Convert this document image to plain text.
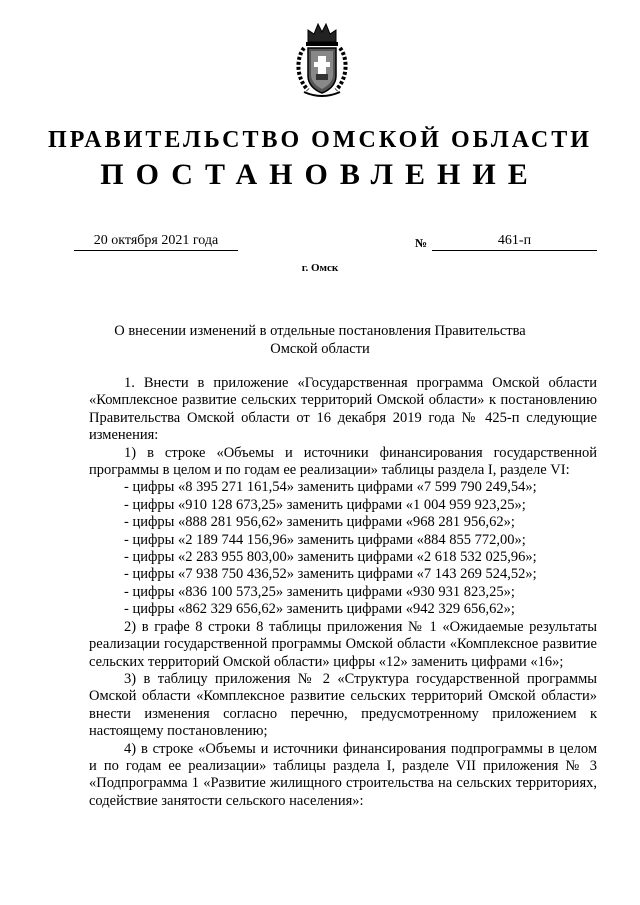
ПРАВИТЕЛЬСТВО ОМСКОЙ ОБЛАСТИ
ПОСТАНОВЛЕНИЕ
20 октября 2021 года	№	461-п
г. Омск
О внесении изменений в отдельные постановления Правительства
Омской области

1. Внести в приложение «Государственная программа Омской области «Комплексное развитие сельских территорий Омской области» к постановлению Правительства Омской области от 16 декабря 2019 года № 425-п следующие изменения:

1) в строке «Объемы и источники финансирования государственной программы в целом и по годам ее реализации» таблицы раздела I, разделе VI:

- цифры «8 395 271 161,54» заменить цифрами «7 599 790 249,54»;

- цифры «910 128 673,25» заменить цифрами «1 004 959 923,25»;

- цифры «888 281 956,62» заменить цифрами «968 281 956,62»;

- цифры «2 189 744 156,96» заменить цифрами «884 855 772,00»;

- цифры «2 283 955 803,00» заменить цифрами «2 618 532 025,96»;

- цифры «7 938 750 436,52» заменить цифрами «7 143 269 524,52»;

- цифры «836 100 573,25» заменить цифрами «930 931 823,25»;

- цифры «862 329 656,62» заменить цифрами «942 329 656,62»;

2) в графе 8 строки 8 таблицы приложения № 1 «Ожидаемые результаты реализации государственной программы Омской области «Комплексное развитие сельских территорий Омской области» цифры «12» заменить цифрами «16»;

3) в таблицу приложения № 2 «Структура государственной программы Омской области «Комплексное развитие сельских территорий Омской области» внести изменения согласно перечню, предусмотренному приложением к настоящему постановлению;

4) в строке «Объемы и источники финансирования подпрограммы в целом и по годам ее реализации» таблицы раздела I, разделе VII приложения № 3 «Подпрограмма 1 «Развитие жилищного строительства на сельских территориях, содействие занятости сельского населения»:
